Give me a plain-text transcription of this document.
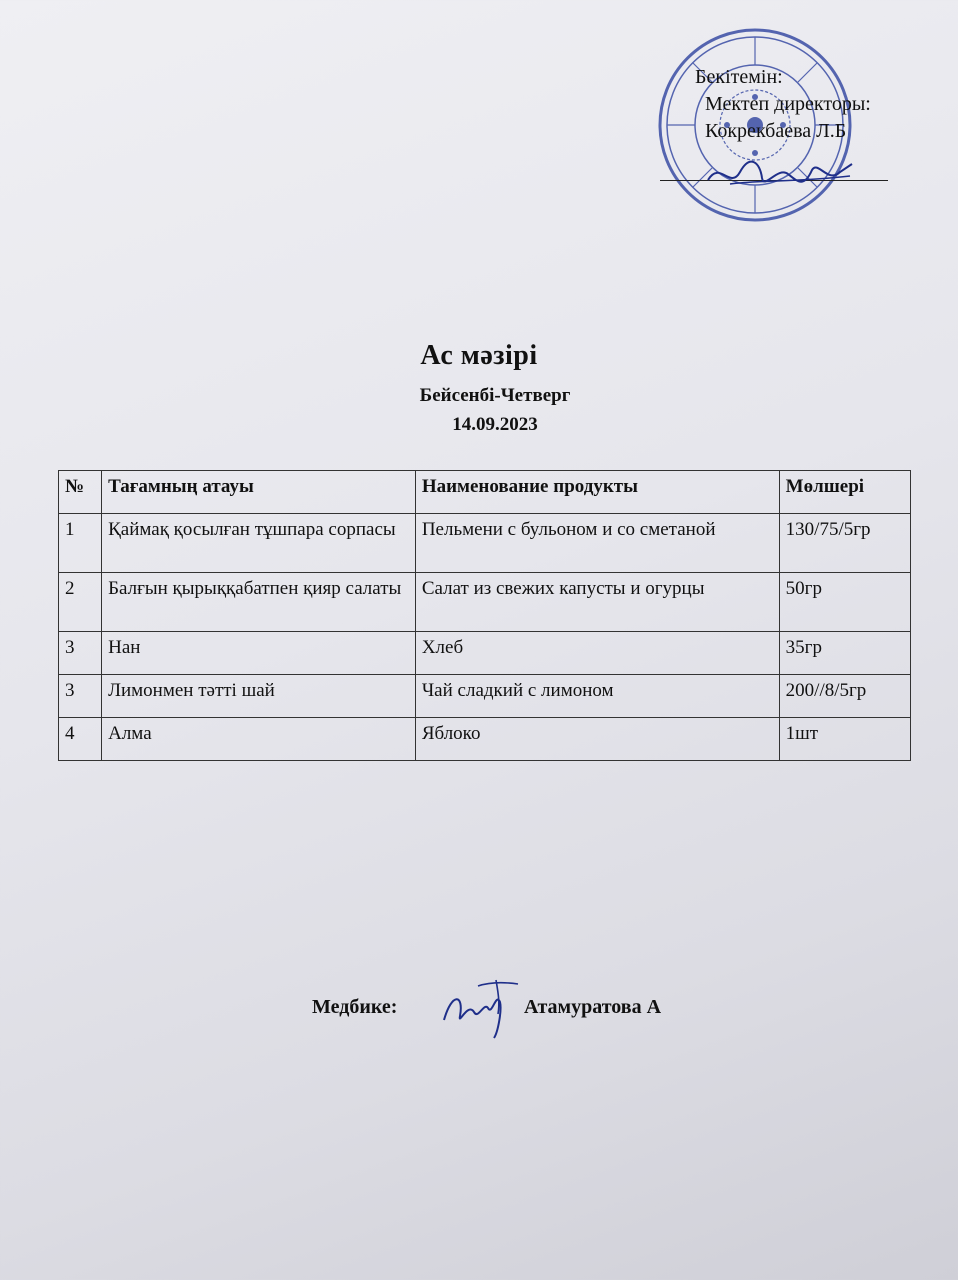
Бекітемін:
Мектеп директоры:
Кокрекбаева Л.Б
Ас мәзірі
Бейсенбі-Четверг
14.09.2023
№	Тағамның атауы	Наименование продукты	Мөлшері
1	Қаймақ қосылған тұшпара сорпасы	Пельмени с бульоном и со сметаной	130/75/5гр
2	Балғын қырыққабатпен қияр салаты	Салат из свежих капусты и огурцы	50гр
3	Нан	Хлеб	35гр
3	Лимонмен тәтті шай	Чай сладкий с лимоном	200//8/5гр
4	Алма	Яблоко	1шт
Медбике:	Атамуратова А
